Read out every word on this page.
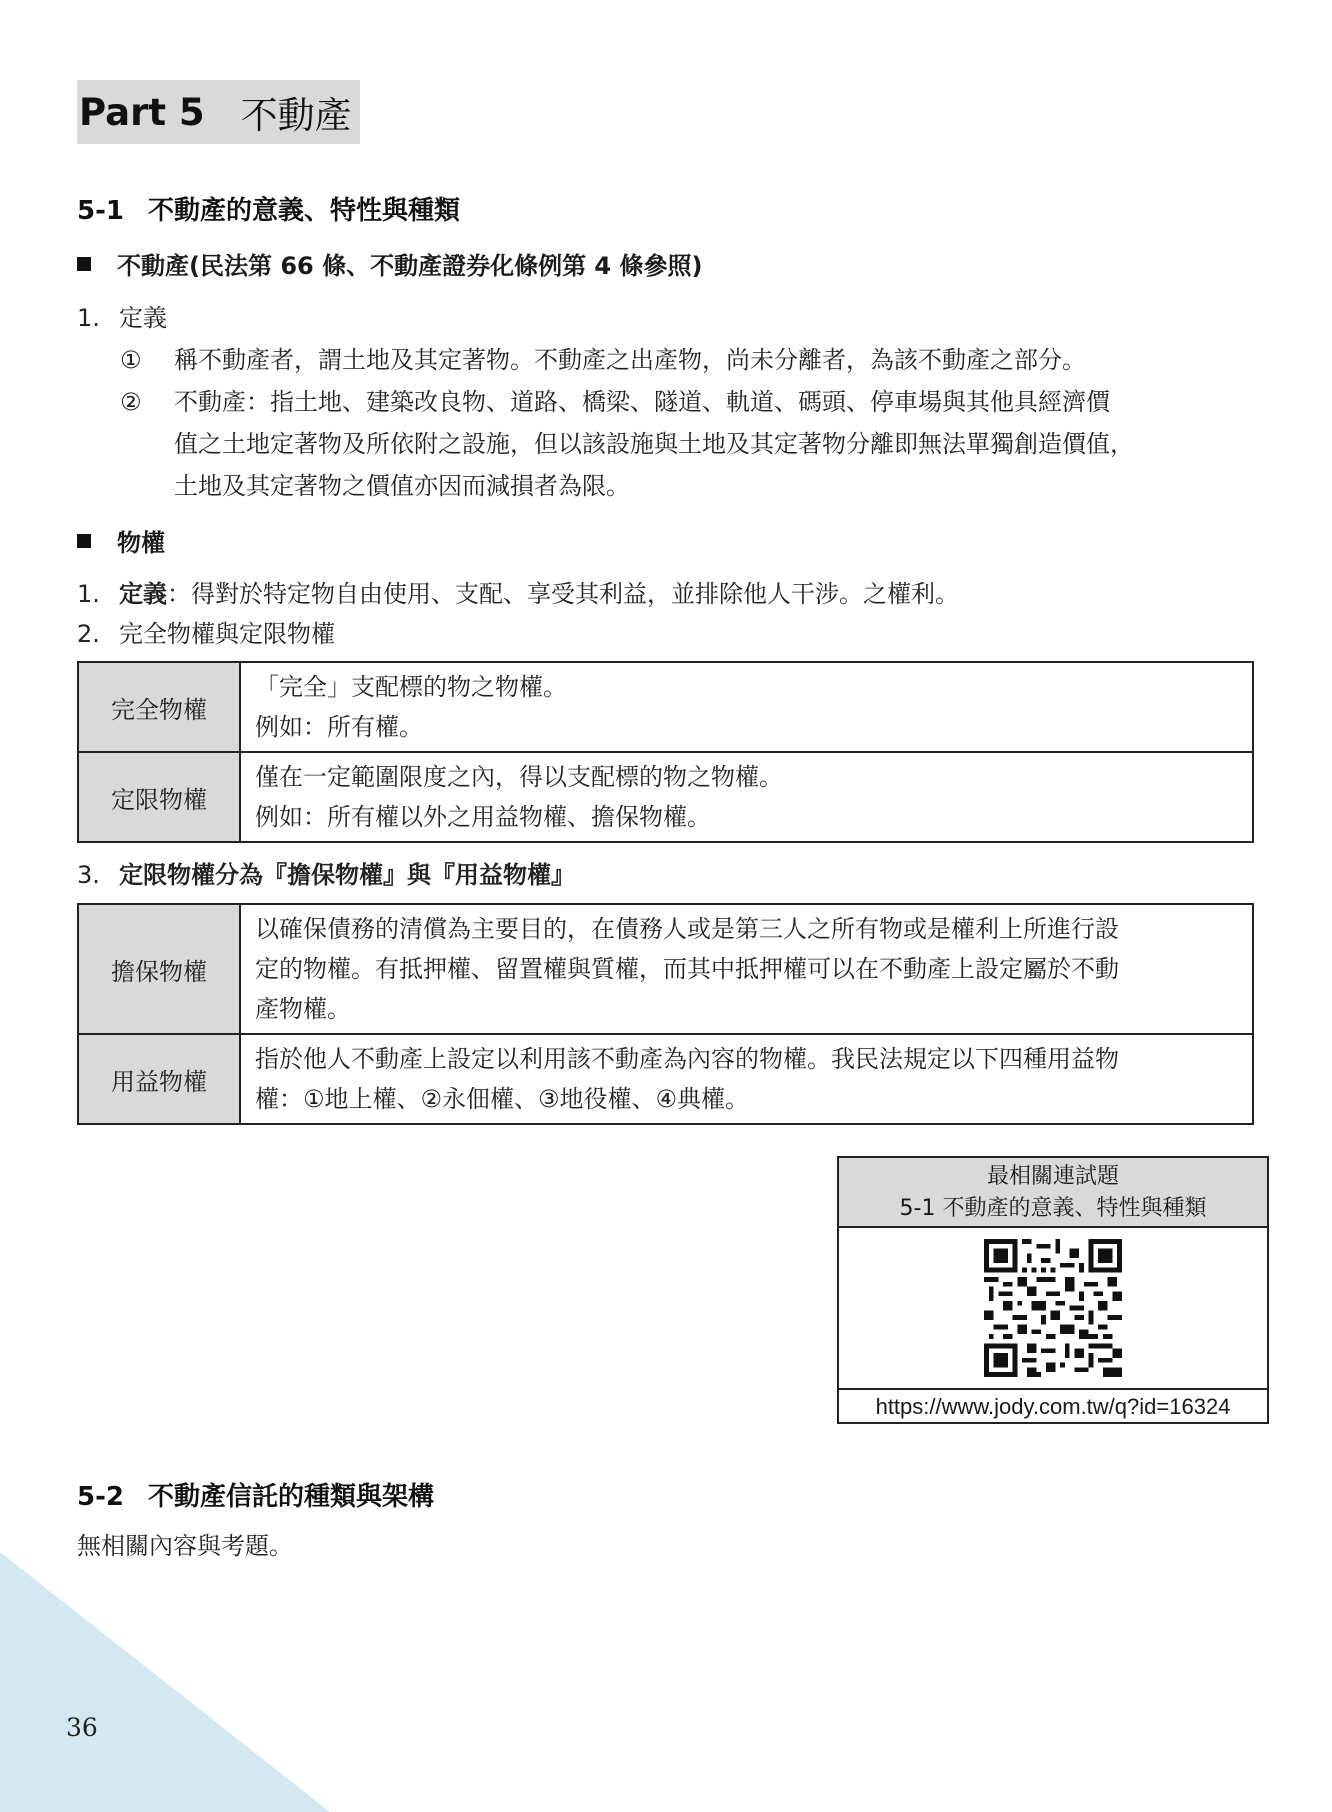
Part 5 不動產
5-1 不動產的意義、特性與種類
不動產(民法第 66 條、不動產證券化條例第 4 條參照)
1. 定義
① 稱不動產者，謂土地及其定著物。不動產之出產物，尚未分離者，為該不動產之部分。
② 不動產：指土地、建築改良物、道路、橋梁、隧道、軌道、碼頭、停車場與其他具經濟價
值之土地定著物及所依附之設施，但以該設施與土地及其定著物分離即無法單獨創造價值，
土地及其定著物之價值亦因而減損者為限。
物權
1. 定義：得對於特定物自由使用、支配、享受其利益，並排除他人干涉。之權利。
2. 完全物權與定限物權
完全物權	「完全」支配標的物之物權。
例如：所有權。

定限物權	僅在一定範圍限度之內，得以支配標的物之物權。
例如：所有權以外之用益物權、擔保物權。
3. 定限物權分為『擔保物權』與『用益物權』
擔保物權	以確保債務的清償為主要目的，在債務人或是第三人之所有物或是權利上所進行設
定的物權。有抵押權、留置權與質權，而其中抵押權可以在不動產上設定屬於不動
產物權。

用益物權	指於他人不動產上設定以利用該不動產為內容的物權。我民法規定以下四種用益物
權：①地上權、②永佃權、③地役權、④典權。
最相關連試題
5-1 不動產的意義、特性與種類
https://www.jody.com.tw/q?id=16324
5-2 不動產信託的種類與架構
無相關內容與考題。
36
